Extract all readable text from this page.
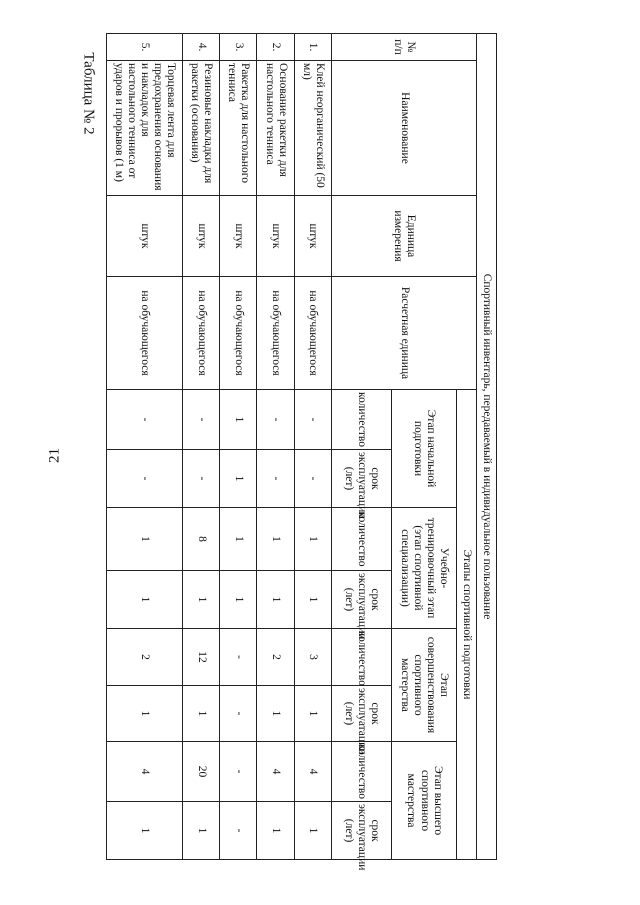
21
Таблица № 2
Спортивный инвентарь, передаваемый в индивидуальное пользование											
№ п/п	Наименование	Единица измерения	Расчетная единица	Этапы спортивной подготовки							
				Этап начальной подготовки		Учебно-тренировочный этап (этап спортивной специализации)		Этап совершенствования спортивного мастерства		Этап высшего спортивного мастерства	
				количество	срок эксплуатации (лет)	количество	срок эксплуатации (лет)	количество	срок эксплуатации (лет)	количество	срок эксплуатации (лет)
1.	Клей неорганический (50 мл)	штук	на обучающегося	-	-	1	1	3	1	4	1
2.	Основание ракетки для настольного тенниса	штук	на обучающегося	-	-	1	1	2	1	4	1
3.	Ракетка для настольного тенниса	штук	на обучающегося	1	1	1	1	-	-	-	-
4.	Резиновые накладки для ракетки (основания)	штук	на обучающегося	-	-	8	1	12	1	20	1
5.	Торцевая лента для предохранения основания и накладок для настольного тенниса от ударов и прорывов (1 м)	штук	на обучающегося	-	-	1	1	2	1	4	1
